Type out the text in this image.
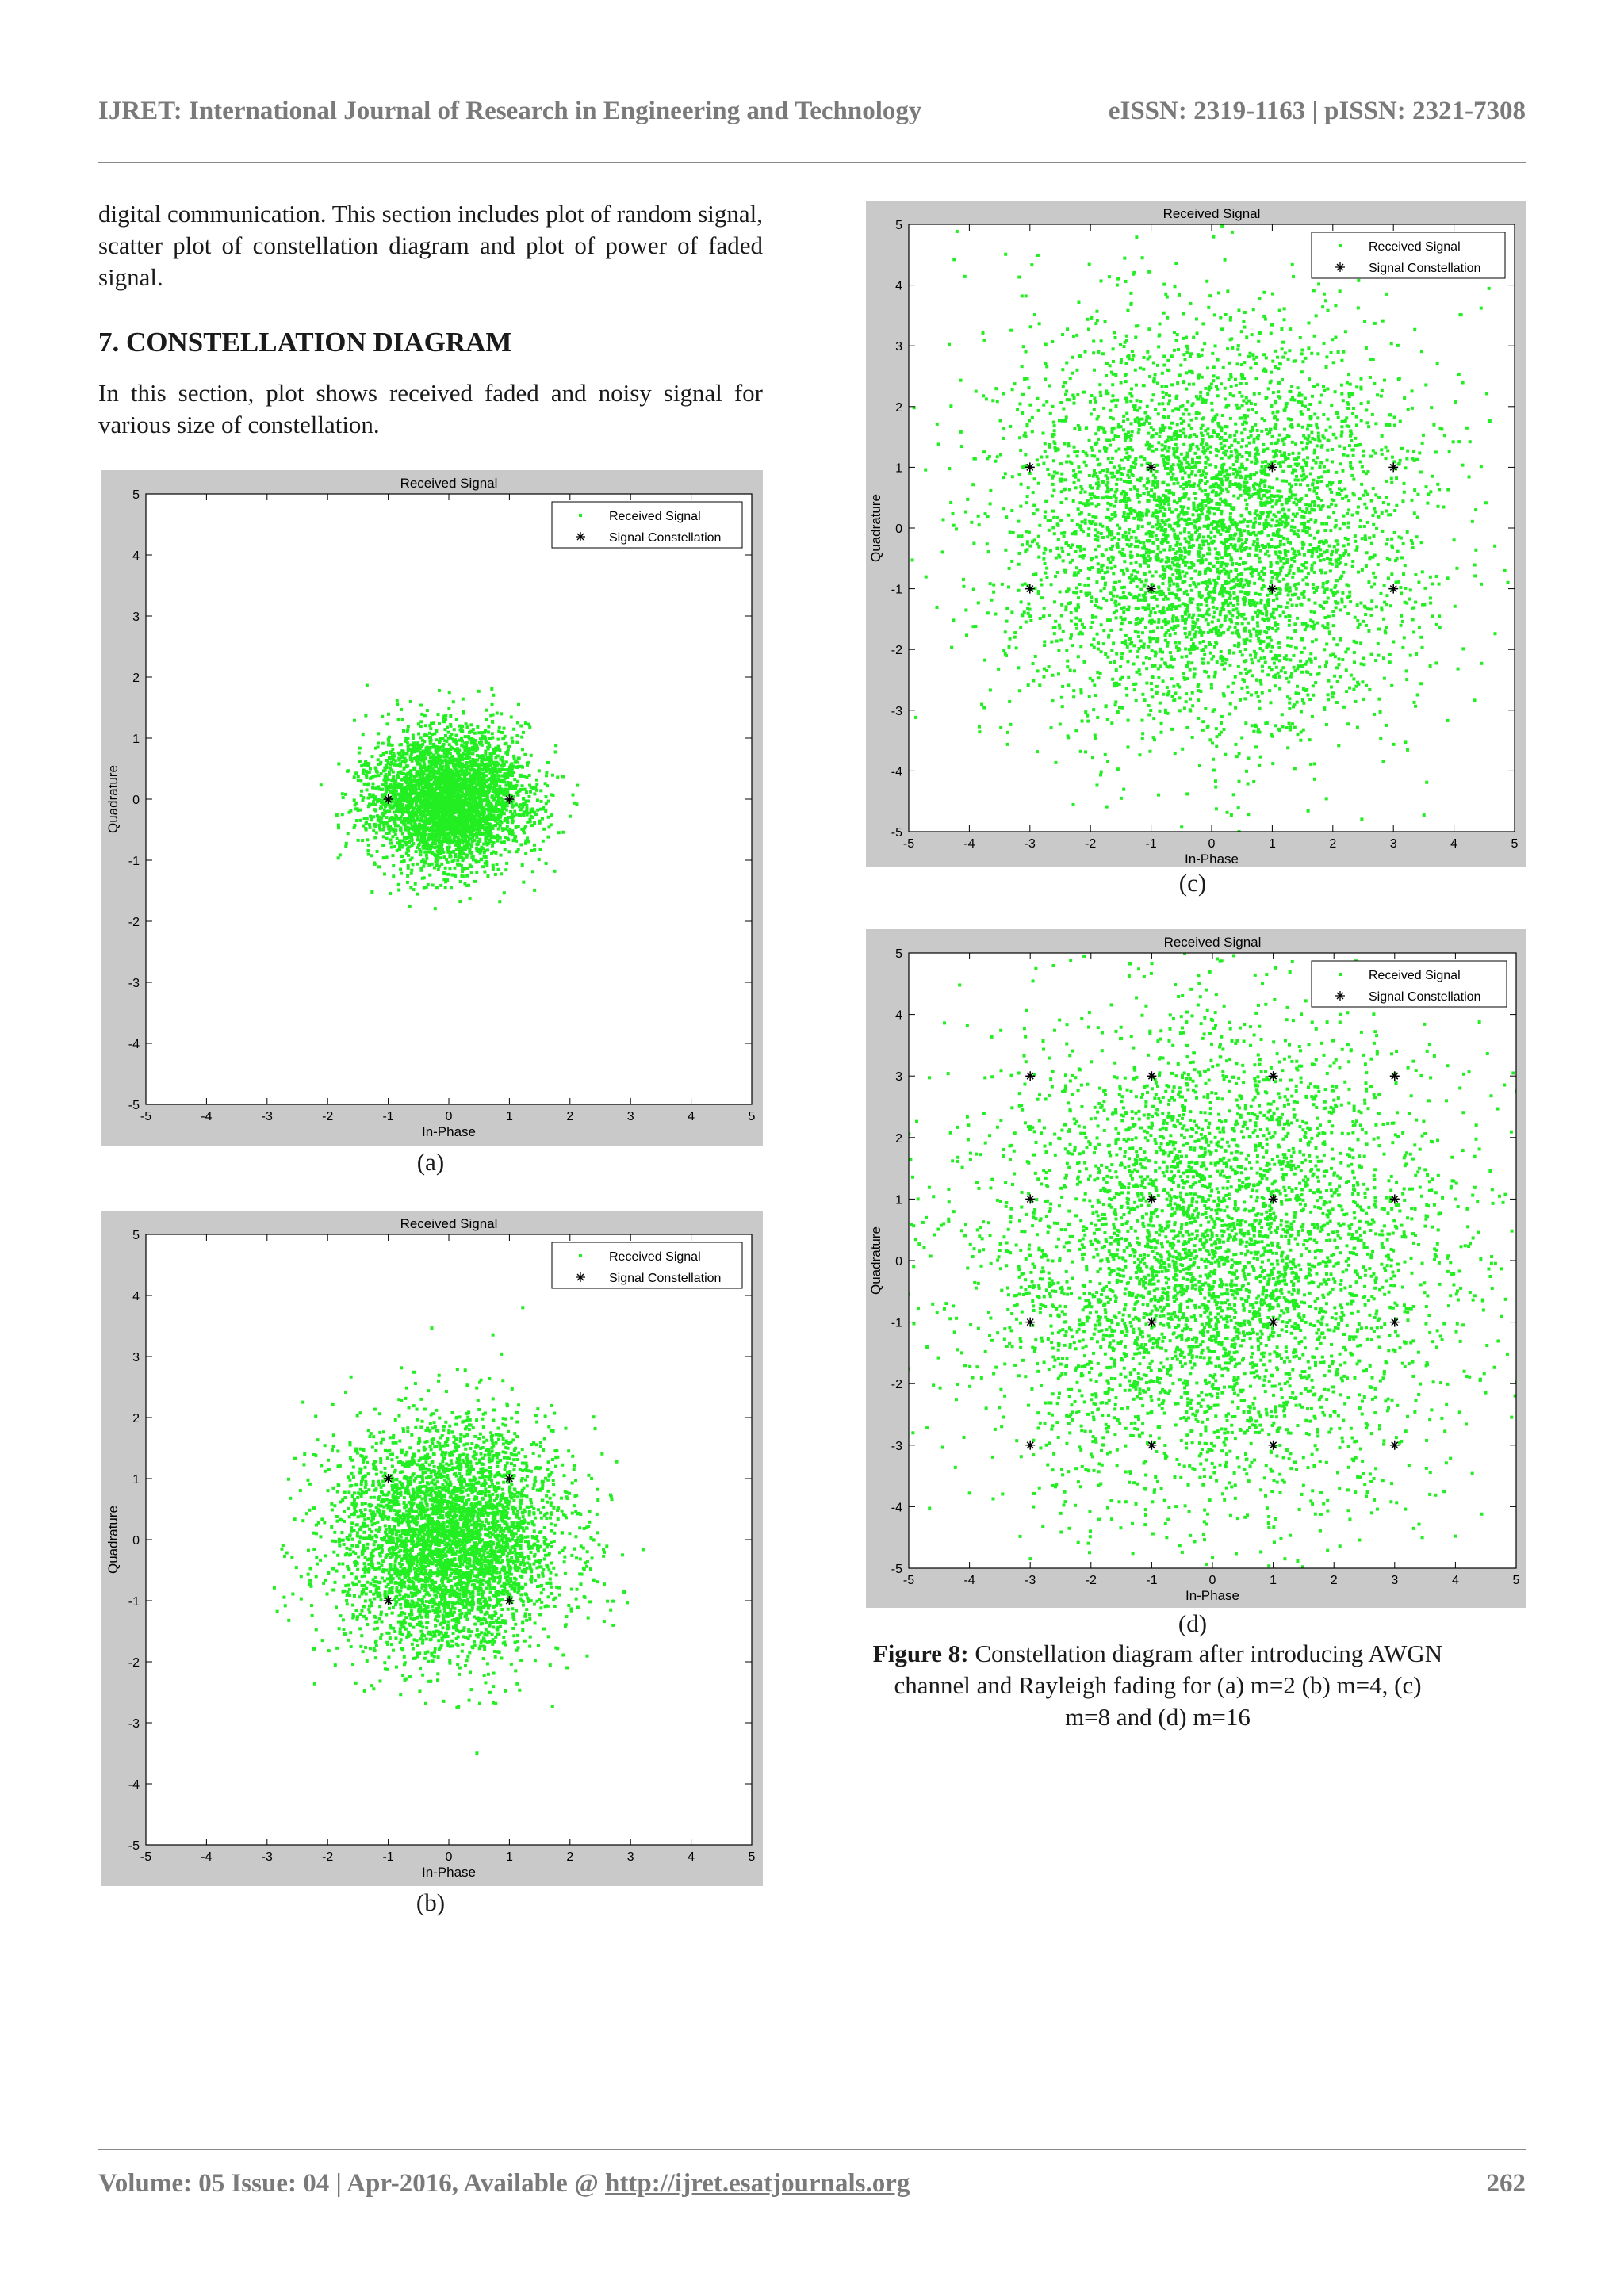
IJRET: International Journal of Research in Engineering and Technology	eISSN: 2319-1163 | pISSN: 2321-7308
digital communication. This section includes plot of random signal, scatter plot of constellation diagram and plot of power of faded signal.
7. CONSTELLATION DIAGRAM
In this section, plot shows received faded and noisy signal for various size of constellation.
-5	-4	-3	-2	-1	0	1	2	3	4	5
5
4
3
2
1
0
-1
-2
-3
-4
-5
Received Signal
In-Phase
Quadrature
Received Signal
Signal Constellation
(a)
-5	-4	-3	-2	-1	0	1	2	3	4	5
5
4
3
2
1
0
-1
-2
-3
-4
-5
Received Signal
In-Phase
Quadrature
Received Signal
Signal Constellation
(b)
-5	-4	-3	-2	-1	0	1	2	3	4	5
5
4
3
2
1
0
-1
-2
-3
-4
-5
Received Signal
In-Phase
Quadrature
Received Signal
Signal Constellation
(c)
-5	-4	-3	-2	-1	0	1	2	3	4	5
5
4
3
2
1
0
-1
-2
-3
-4
-5
Received Signal
In-Phase
Quadrature
Received Signal
Signal Constellation
(d)
Figure 8: Constellation diagram after introducing AWGN channel and Rayleigh fading for (a) m=2 (b) m=4, (c) m=8 and (d) m=16
Volume: 05 Issue: 04 | Apr-2016, Available @ http://ijret.esatjournals.org	262
